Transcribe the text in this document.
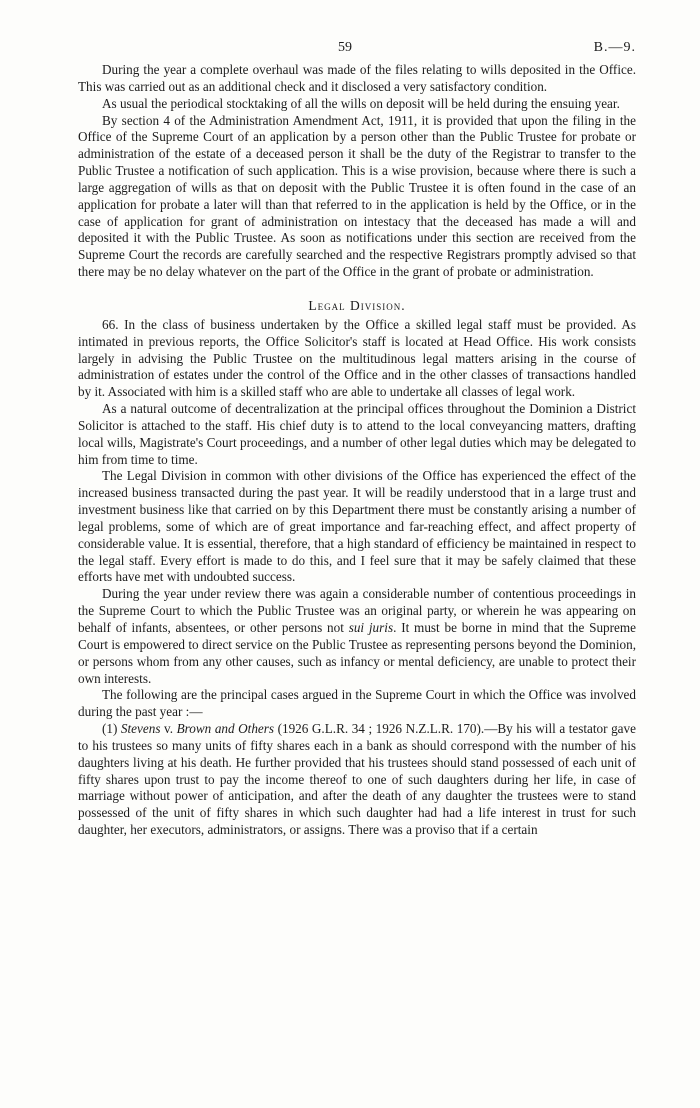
59	B.—9.

During the year a complete overhaul was made of the files relating to wills deposited in the Office. This was carried out as an additional check and it disclosed a very satisfactory condition.

As usual the periodical stocktaking of all the wills on deposit will be held during the ensuing year.

By section 4 of the Administration Amendment Act, 1911, it is provided that upon the filing in the Office of the Supreme Court of an application by a person other than the Public Trustee for probate or administration of the estate of a deceased person it shall be the duty of the Registrar to transfer to the Public Trustee a notification of such application. This is a wise provision, because where there is such a large aggregation of wills as that on deposit with the Public Trustee it is often found in the case of an application for probate a later will than that referred to in the application is held by the Office, or in the case of application for grant of administration on intestacy that the deceased has made a will and deposited it with the Public Trustee. As soon as notifications under this section are received from the Supreme Court the records are carefully searched and the respective Registrars promptly advised so that there may be no delay whatever on the part of the Office in the grant of probate or administration.

Legal Division.

66. In the class of business undertaken by the Office a skilled legal staff must be provided. As intimated in previous reports, the Office Solicitor's staff is located at Head Office. His work consists largely in advising the Public Trustee on the multitudinous legal matters arising in the course of administration of estates under the control of the Office and in the other classes of transactions handled by it. Associated with him is a skilled staff who are able to undertake all classes of legal work.

As a natural outcome of decentralization at the principal offices throughout the Dominion a District Solicitor is attached to the staff. His chief duty is to attend to the local conveyancing matters, drafting local wills, Magistrate's Court proceedings, and a number of other legal duties which may be delegated to him from time to time.

The Legal Division in common with other divisions of the Office has experienced the effect of the increased business transacted during the past year. It will be readily understood that in a large trust and investment business like that carried on by this Department there must be constantly arising a number of legal problems, some of which are of great importance and far-reaching effect, and affect property of considerable value. It is essential, therefore, that a high standard of efficiency be maintained in respect to the legal staff. Every effort is made to do this, and I feel sure that it may be safely claimed that these efforts have met with undoubted success.

During the year under review there was again a considerable number of contentious proceedings in the Supreme Court to which the Public Trustee was an original party, or wherein he was appearing on behalf of infants, absentees, or other persons not sui juris. It must be borne in mind that the Supreme Court is empowered to direct service on the Public Trustee as representing persons beyond the Dominion, or persons whom from any other causes, such as infancy or mental deficiency, are unable to protect their own interests.

The following are the principal cases argued in the Supreme Court in which the Office was involved during the past year :—

(1) Stevens v. Brown and Others (1926 G.L.R. 34 ; 1926 N.Z.L.R. 170).—By his will a testator gave to his trustees so many units of fifty shares each in a bank as should correspond with the number of his daughters living at his death. He further provided that his trustees should stand possessed of each unit of fifty shares upon trust to pay the income thereof to one of such daughters during her life, in case of marriage without power of anticipation, and after the death of any daughter the trustees were to stand possessed of the unit of fifty shares in which such daughter had had a life interest in trust for such daughter, her executors, administrators, or assigns. There was a proviso that if a certain
